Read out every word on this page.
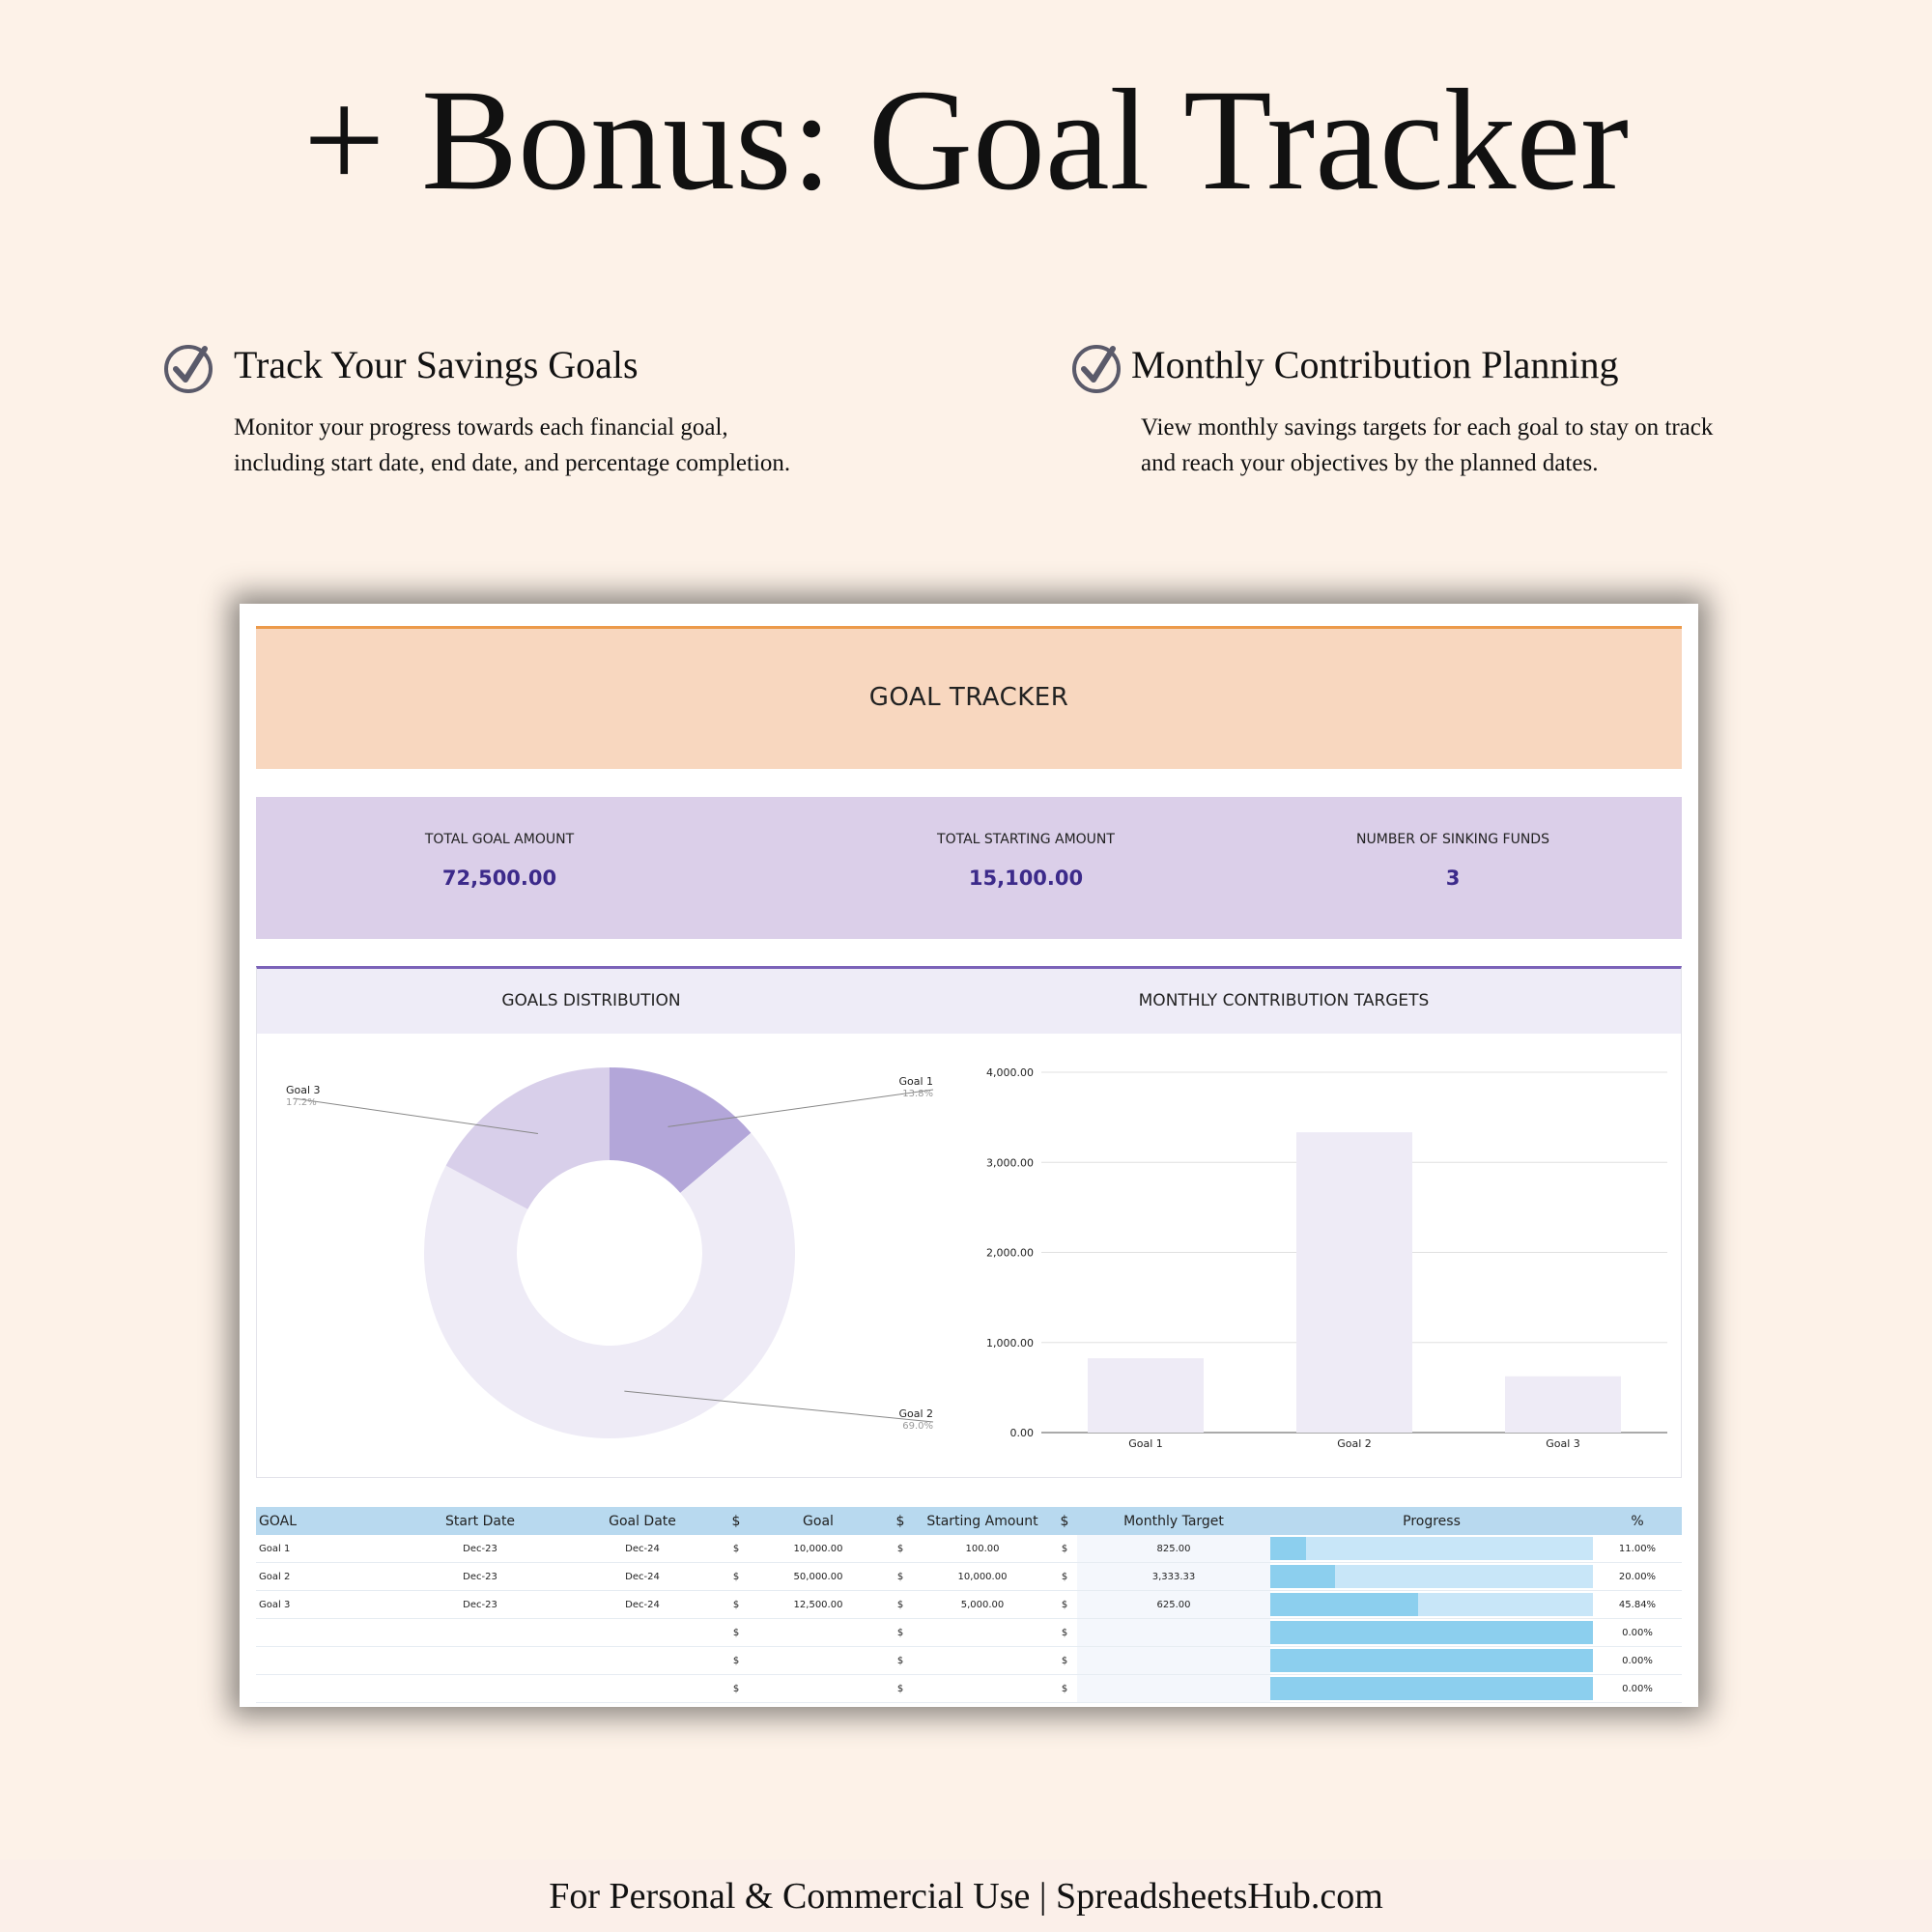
+ Bonus: Goal Tracker
Track Your Savings Goals
Monitor your progress towards each financial goal,
including start date, end date, and percentage completion.
Monthly Contribution Planning
View monthly savings targets for each goal to stay on track
and reach your objectives by the planned dates.
GOAL TRACKER
TOTAL GOAL AMOUNT
72,500.00
TOTAL STARTING AMOUNT
15,100.00
NUMBER OF SINKING FUNDS
3
GOALS DISTRIBUTION	MONTHLY CONTRIBUTION TARGETS
Goal 1
13.8%
Goal 2
69.0%
Goal 3
17.2%
0.00
1,000.00
2,000.00
3,000.00
4,000.00
Goal 1	Goal 2	Goal 3
GOAL	Start Date	Goal Date	$	Goal	$	Starting Amount	$	Monthly Target	Progress	%
Goal 1	Dec-23	Dec-24	$	10,000.00	$	100.00	$	825.00		11.00%
Goal 2	Dec-23	Dec-24	$	50,000.00	$	10,000.00	$	3,333.33		20.00%
Goal 3	Dec-23	Dec-24	$	12,500.00	$	5,000.00	$	625.00		45.84%
			$		$		$			0.00%
			$		$		$			0.00%
			$		$		$			0.00%
For Personal & Commercial Use | SpreadsheetsHub.com
